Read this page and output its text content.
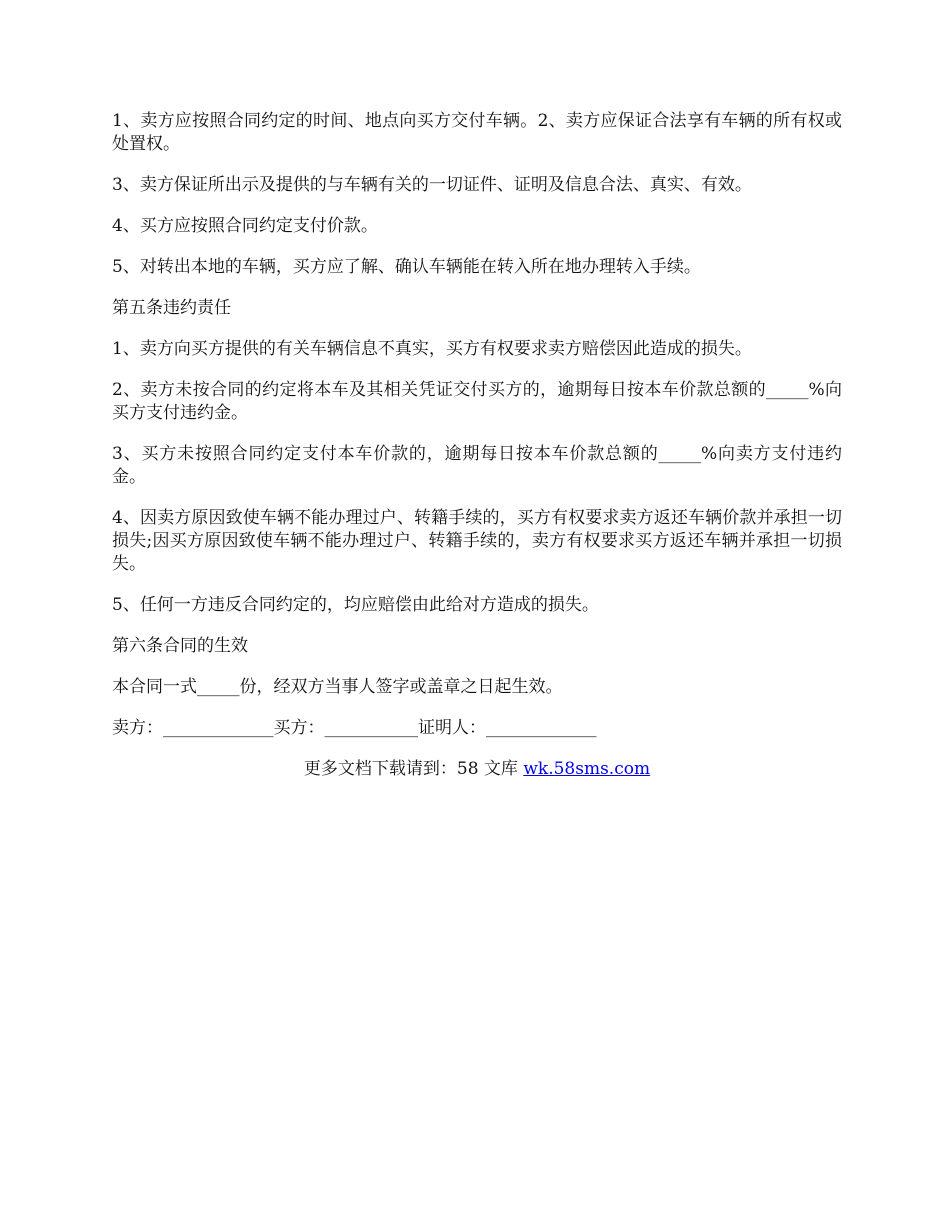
1、卖方应按照合同约定的时间、地点向买方交付车辆。2、卖方应保证合法享有车辆的所有权或处置权。

3、卖方保证所出示及提供的与车辆有关的一切证件、证明及信息合法、真实、有效。

4、买方应按照合同约定支付价款。

5、对转出本地的车辆，买方应了解、确认车辆能在转入所在地办理转入手续。

第五条违约责任

1、卖方向买方提供的有关车辆信息不真实，买方有权要求卖方赔偿因此造成的损失。

2、卖方未按合同的约定将本车及其相关凭证交付买方的，逾期每日按本车价款总额的_____%向买方支付违约金。

3、买方未按照合同约定支付本车价款的，逾期每日按本车价款总额的_____%向卖方支付违约金。

4、因卖方原因致使车辆不能办理过户、转籍手续的，买方有权要求卖方返还车辆价款并承担一切损失;因买方原因致使车辆不能办理过户、转籍手续的，卖方有权要求买方返还车辆并承担一切损失。

5、任何一方违反合同约定的，均应赔偿由此给对方造成的损失。

第六条合同的生效

本合同一式_____份，经双方当事人签字或盖章之日起生效。

卖方：_____________买方：___________证明人：_____________

更多文档下载请到：58 文库 wk.58sms.com
